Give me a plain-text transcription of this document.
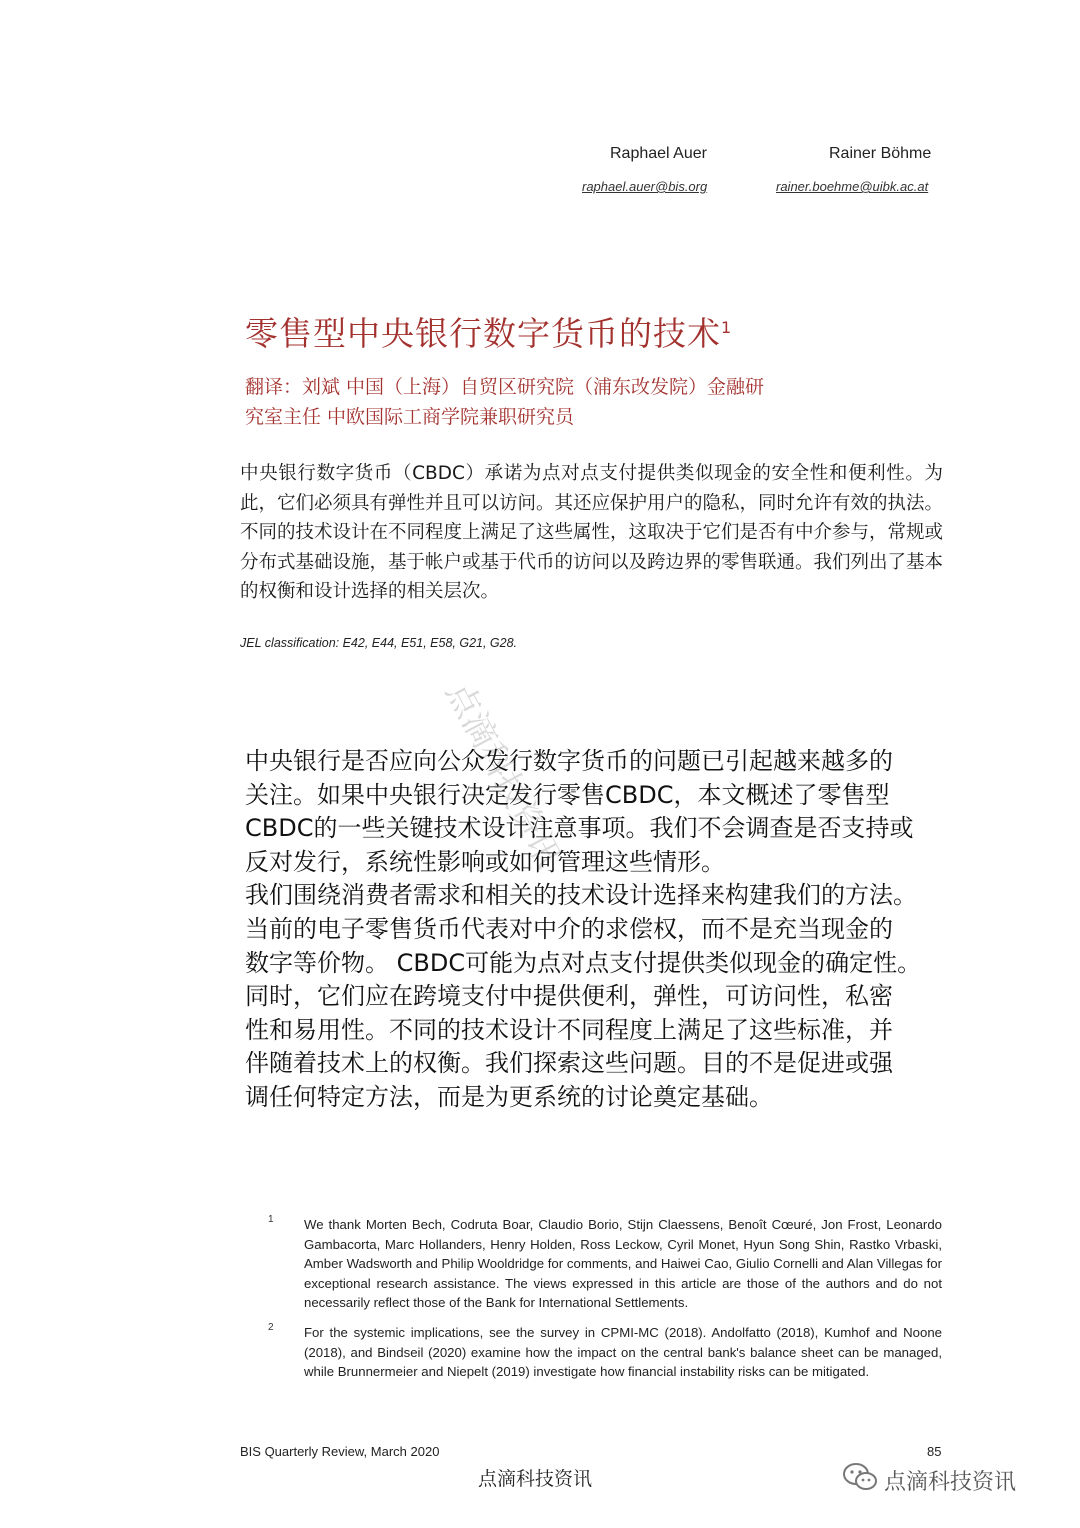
Raphael Auer	Rainer Böhme
raphael.auer@bis.org	rainer.boehme@uibk.ac.at
零售型中央银行数字货币的技术$^1$
翻译：刘斌 中国（上海）自贸区研究院（浦东改发院）金融研
究室主任 中欧国际工商学院兼职研究员
中央银行数字货币（CBDC）承诺为点对点支付提供类似现金的安全性和便利性。为此，它们必须具有弹性并且可以访问。其还应保护用户的隐私，同时允许有效的执法。不同的技术设计在不同程度上满足了这些属性，这取决于它们是否有中介参与，常规或分布式基础设施，基于帐户或基于代币的访问以及跨边界的零售联通。我们列出了基本的权衡和设计选择的相关层次。
JEL classification: E42, E44, E51, E58, G21, G28.
点滴科技资讯
中央银行是否应向公众发行数字货币的问题已引起越来越多的
关注。如果中央银行决定发行零售CBDC，本文概述了零售型
CBDC的一些关键技术设计注意事项。我们不会调查是否支持或
反对发行，系统性影响或如何管理这些情形。
我们围绕消费者需求和相关的技术设计选择来构建我们的方法。
当前的电子零售货币代表对中介的求偿权，而不是充当现金的
数字等价物。 CBDC可能为点对点支付提供类似现金的确定性。
同时，它们应在跨境支付中提供便利，弹性，可访问性，私密
性和易用性。不同的技术设计不同程度上满足了这些标准，并
伴随着技术上的权衡。我们探索这些问题。目的不是促进或强
调任何特定方法，而是为更系统的讨论奠定基础。
1 We thank Morten Bech, Codruta Boar, Claudio Borio, Stijn Claessens, Benoît Cœuré, Jon Frost, Leonardo Gambacorta, Marc Hollanders, Henry Holden, Ross Leckow, Cyril Monet, Hyun Song Shin, Rastko Vrbaski, Amber Wadsworth and Philip Wooldridge for comments, and Haiwei Cao, Giulio Cornelli and Alan Villegas for exceptional research assistance. The views expressed in this article are those of the authors and do not necessarily reflect those of the Bank for International Settlements.
2 For the systemic implications, see the survey in CPMI-MC (2018). Andolfatto (2018), Kumhof and Noone (2018), and Bindseil (2020) examine how the impact on the central bank's balance sheet can be managed, while Brunnermeier and Niepelt (2019) investigate how financial instability risks can be mitigated.
BIS Quarterly Review, March 2020	85
点滴科技资讯	点滴科技资讯
